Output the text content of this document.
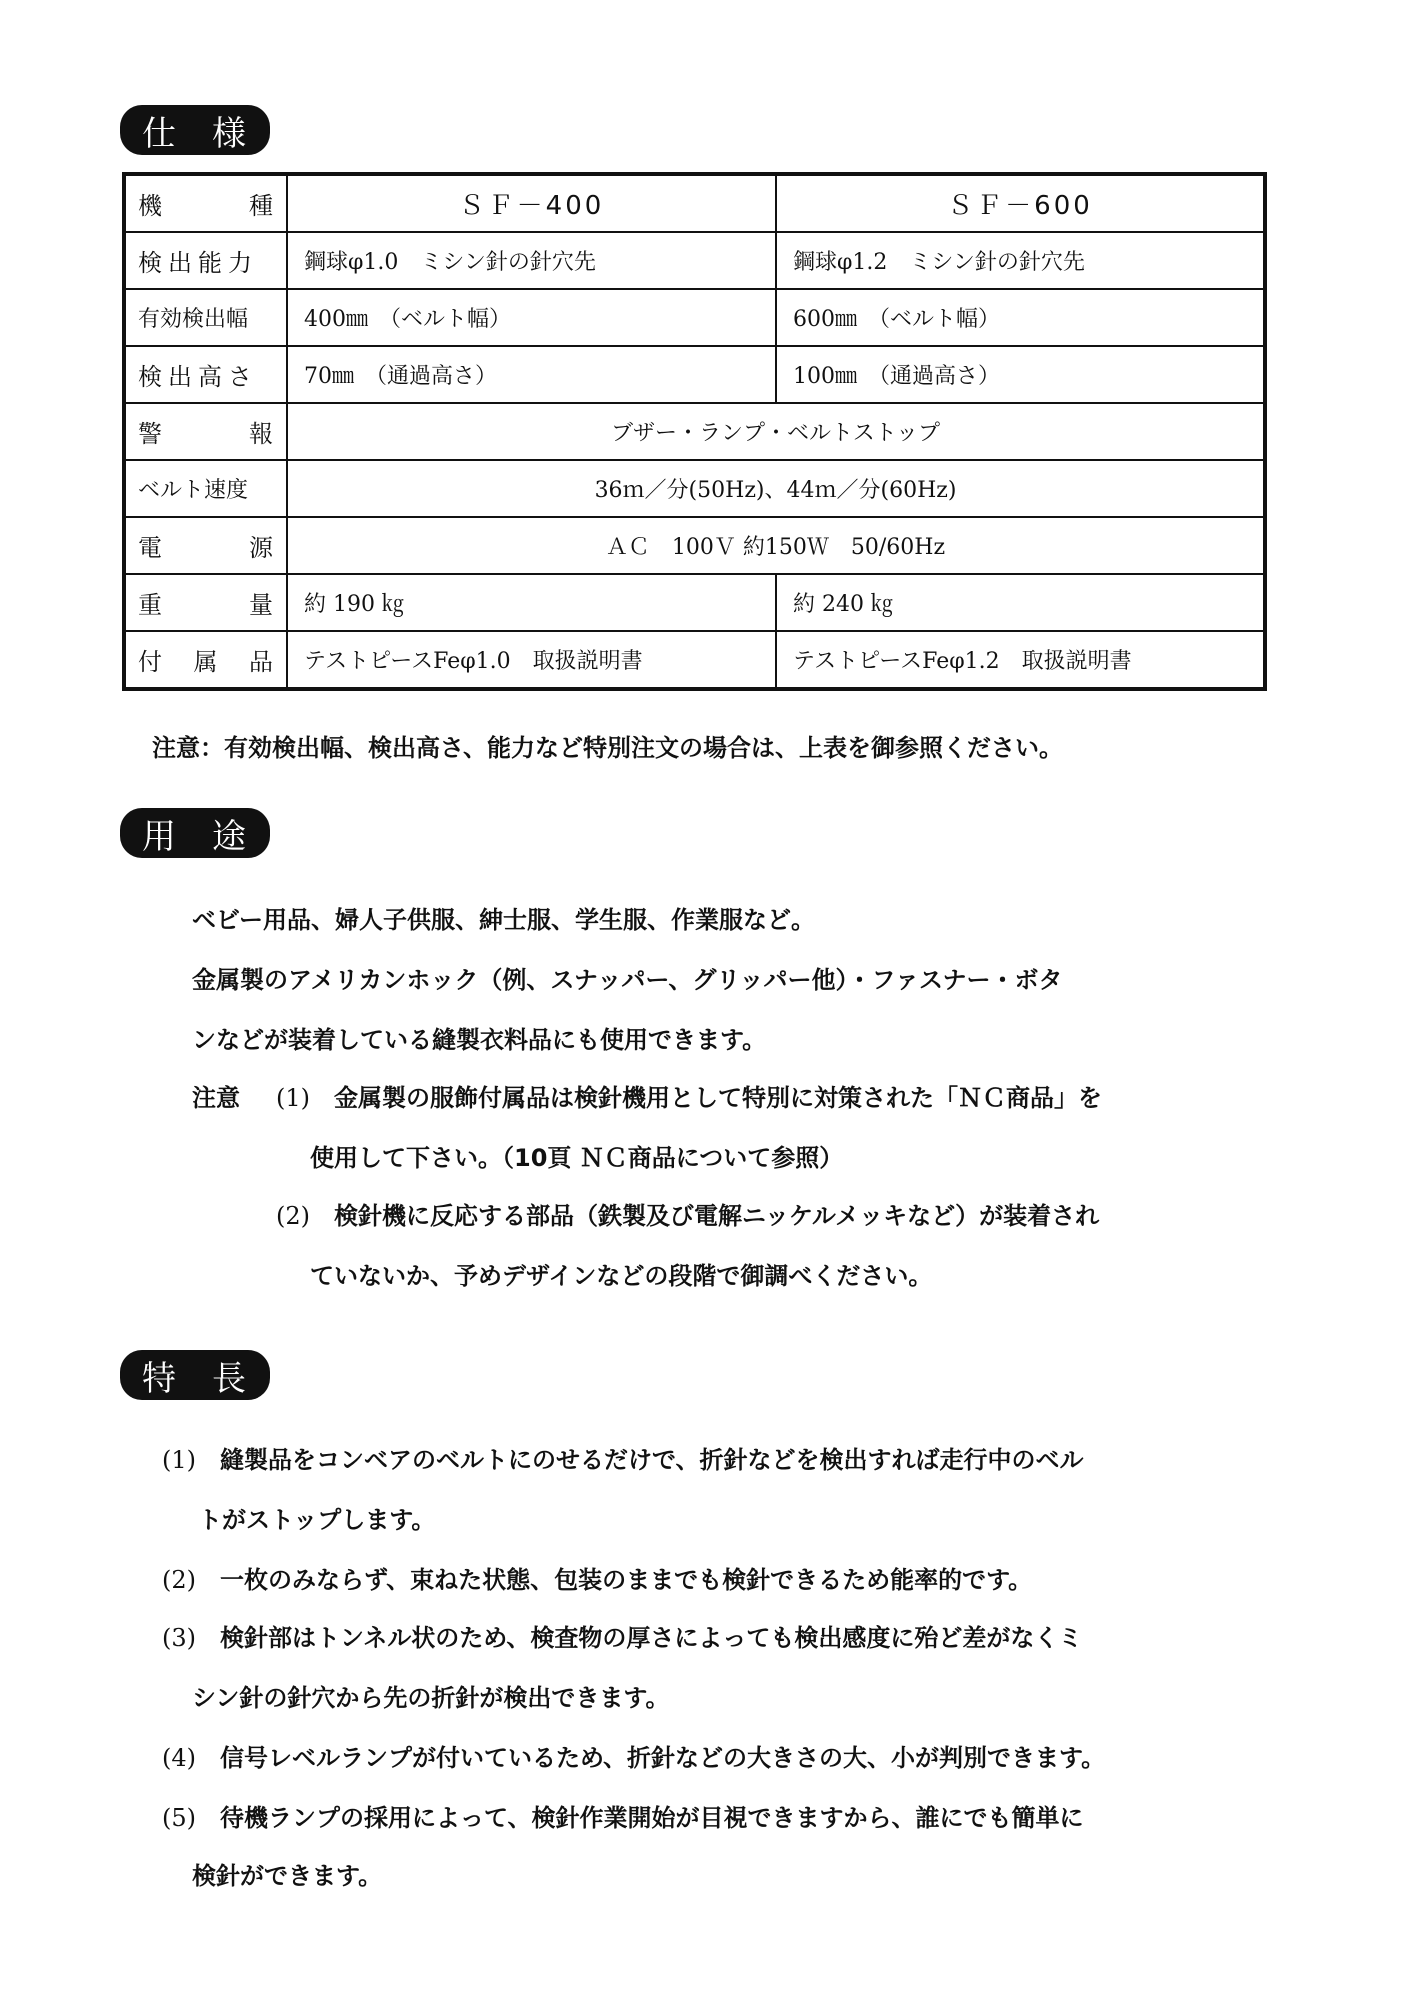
仕 様
機 種	ＳＦ－400	ＳＦ－600

検出能力	鋼球φ1.0　ミシン針の針穴先	鋼球φ1.2　ミシン針の針穴先
有効検出幅	400㎜　（ベルト幅）	600㎜　（ベルト幅）

検出高さ	70㎜　（通過高さ）	100㎜　（通過高さ）

警 報	ブザー・ランプ・ベルトストップ	
ベルト速度	36ｍ／分(50Hz)、44ｍ／分(60Hz)	

電 源	ＡＣ　100Ｖ 約150Ｗ　50/60Hz	

重 量	約 190 ㎏	約 240 ㎏

付 属 品	テストピースFeφ1.0　取扱説明書	テストピースFeφ1.2　取扱説明書
注意：有効検出幅、検出高さ、能力など特別注文の場合は、上表を御参照ください。
用 途
ベビー用品、婦人子供服、紳士服、学生服、作業服など。
金属製のアメリカンホック（例、スナッパー、グリッパー他）・ファスナー・ボタ
ンなどが装着している縫製衣料品にも使用できます。
注意 (1) 金属製の服飾付属品は検針機用として特別に対策された「ＮＣ商品」を
使用して下さい。（10頁 ＮＣ商品について参照）
(2) 検針機に反応する部品（鉄製及び電解ニッケルメッキなど）が装着され
ていないか、予めデザインなどの段階で御調べください。
特 長
(1) 縫製品をコンベアのベルトにのせるだけで、折針などを検出すれば走行中のベル
トがストップします。
(2) 一枚のみならず、束ねた状態、包装のままでも検針できるため能率的です。
(3) 検針部はトンネル状のため、検査物の厚さによっても検出感度に殆ど差がなくミ
シン針の針穴から先の折針が検出できます。
(4) 信号レベルランプが付いているため、折針などの大きさの大、小が判別できます。
(5) 待機ランプの採用によって、検針作業開始が目視できますから、誰にでも簡単に
検針ができます。
